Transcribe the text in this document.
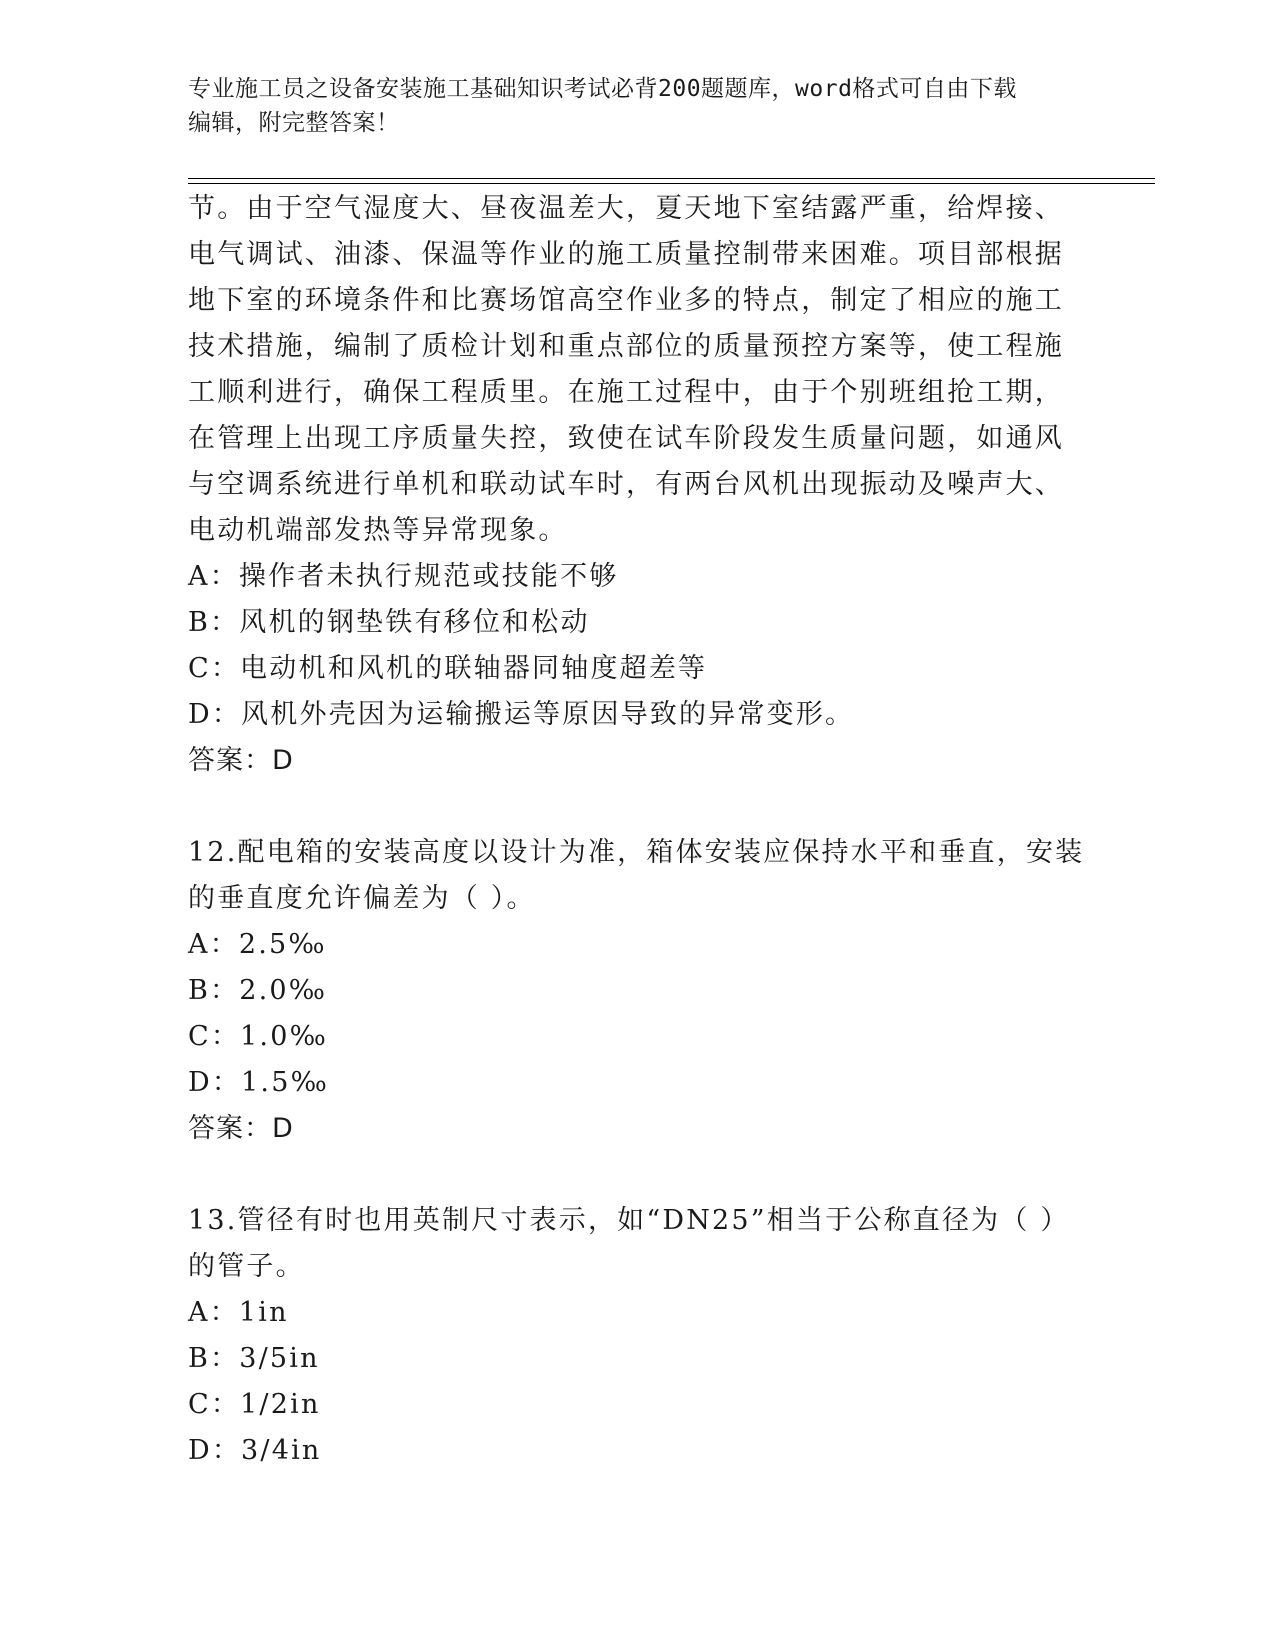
专业施工员之设备安装施工基础知识考试必背200题题库，word格式可自由下载
编辑，附完整答案！
节。由于空气湿度大、昼夜温差大，夏天地下室结露严重，给焊接、
电气调试、油漆、保温等作业的施工质量控制带来困难。项目部根据
地下室的环境条件和比赛场馆高空作业多的特点，制定了相应的施工
技术措施，编制了质检计划和重点部位的质量预控方案等，使工程施
工顺利进行，确保工程质里。在施工过程中，由于个别班组抢工期，
在管理上出现工序质量失控，致使在试车阶段发生质量问题，如通风
与空调系统进行单机和联动试车时，有两台风机出现振动及噪声大、
电动机端部发热等异常现象。
A：操作者未执行规范或技能不够
B：风机的钢垫铁有移位和松动
C：电动机和风机的联轴器同轴度超差等
D：风机外壳因为运输搬运等原因导致的异常变形。
答案：D
12.配电箱的安装高度以设计为准，箱体安装应保持水平和垂直，安装
的垂直度允许偏差为（ ）。
A：2.5‰
B：2.0‰
C：1.0‰
D：1.5‰
答案：D
13.管径有时也用英制尺寸表示，如“DN25”相当于公称直径为（ ）
的管子。
A：1in
B：3/5in
C：1/2in
D：3/4in
